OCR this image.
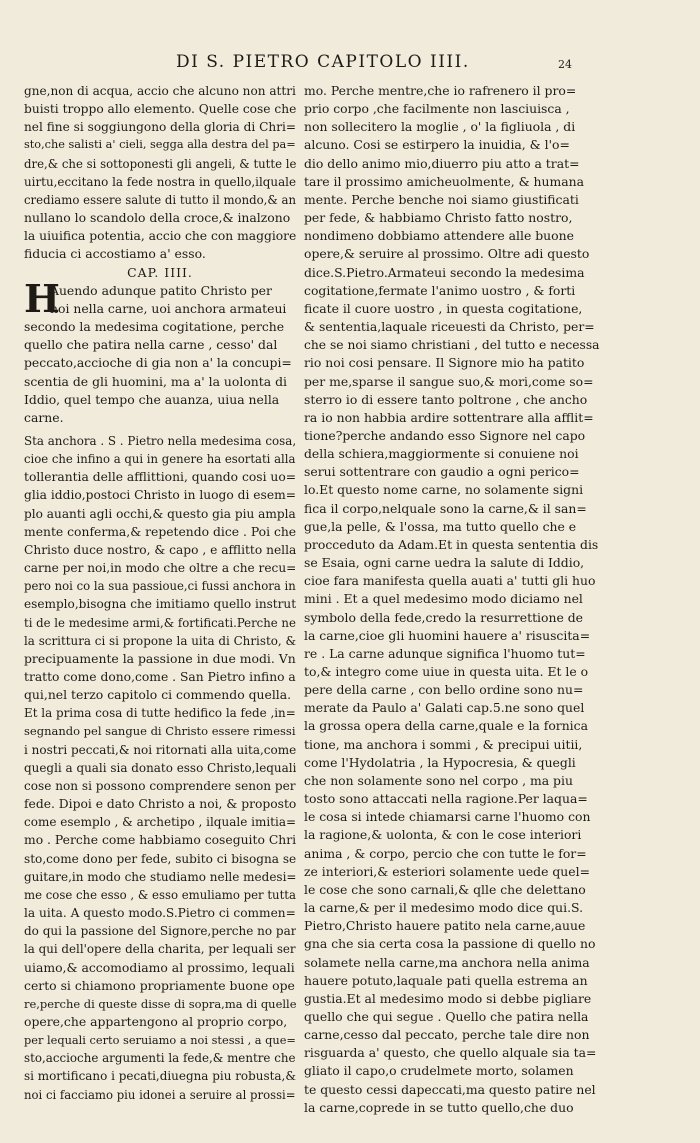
DI S. PIETRO CAPITOLO IIII.	24
gne,non di acqua, accio che alcuno non attri
buisti troppo allo elemento. Quelle cose che
nel fine si soggiungono della gloria di Chri=
sto,che salisti a' cieli, segga alla destra del pa=
dre,& che si sottoponesti gli angeli, & tutte le
uirtu,eccitano la fede nostra in quello,ilquale
crediamo essere salute di tutto il mondo,& an
nullano lo scandolo della croce,& inalzono
la uiuifica potentia, accio che con maggiore
fiducia ci accostiamo a' esso.
CAP. IIII.
H
Auendo adunque patito Christo per
noi nella carne, uoi anchora armateui
secondo la medesima cogitatione, perche
quello che patira nella carne , cesso' dal
peccato,accioche di gia non a' la concupi=
scentia de gli huomini, ma a' la uolonta di
Iddio, quel tempo che auanza, uiua nella
carne.
Sta anchora . S . Pietro nella medesima cosa,
cioe che infino a qui in genere ha esortati alla
tollerantia delle afflittioni, quando cosi uo=
glia iddio,postoci Christo in luogo di esem=
plo auanti agli occhi,& questo gia piu ampla
mente conferma,& repetendo dice . Poi che
Christo duce nostro, & capo , e afflitto nella
carne per noi,in modo che oltre a che recu=
pero noi co la sua passioue,ci fussi anchora in
esemplo,bisogna che imitiamo quello instrut
ti de le medesime armi,& fortificati.Perche ne
la scrittura ci si propone la uita di Christo, &
precipuamente la passione in due modi. Vn
tratto come dono,come . San Pietro infino a
qui,nel terzo capitolo ci commendo quella.
Et la prima cosa di tutte hedifico la fede ,in=
segnando pel sangue di Christo essere rimessi
i nostri peccati,& noi ritornati alla uita,come
quegli a quali sia donato esso Christo,lequali
cose non si possono comprendere senon per
fede. Dipoi e dato Christo a noi, & proposto
come esemplo , & archetipo , ilquale imitia=
mo . Perche come habbiamo coseguito Chri
sto,come dono per fede, subito ci bisogna se
guitare,in modo che studiamo nelle medesi=
me cose che esso , & esso emuliamo per tutta
la uita. A questo modo.S.Pietro ci commen=
do qui la passione del Signore,perche no par
la qui dell'opere della charita, per lequali ser
uiamo,& accomodiamo al prossimo, lequali
certo si chiamono propriamente buone ope
re,perche di queste disse di sopra,ma di quelle
opere,che appartengono al proprio corpo,
per lequali certo seruiamo a noi stessi , a que=
sto,accioche argumenti la fede,& mentre che
si mortificano i pecati,diuegna piu robusta,&
noi ci facciamo piu idonei a seruire al prossi=
mo. Perche mentre,che io rafrenero il pro=
prio corpo ,che facilmente non lasciuisca ,
non sollecitero la moglie , o' la figliuola , di
alcuno. Cosi se estirpero la inuidia, & l'o=
dio dello animo mio,diuerro piu atto a trat=
tare il prossimo amicheuolmente, & humana
mente. Perche benche noi siamo giustificati
per fede, & habbiamo Christo fatto nostro,
nondimeno dobbiamo attendere alle buone
opere,& seruire al prossimo. Oltre adi questo
dice.S.Pietro.Armateui secondo la medesima
cogitatione,fermate l'animo uostro , & forti
ficate il cuore uostro , in questa cogitatione,
& sententia,laquale riceuesti da Christo, per=
che se noi siamo christiani , del tutto e necessa
rio noi cosi pensare. Il Signore mio ha patito
per me,sparse il sangue suo,& mori,come so=
sterro io di essere tanto poltrone , che ancho
ra io non habbia ardire sottentrare alla afflit=
tione?perche andando esso Signore nel capo
della schiera,maggiormente si conuiene noi
serui sottentrare con gaudio a ogni perico=
lo.Et questo nome carne, no solamente signi
fica il corpo,nelquale sono la carne,& il san=
gue,la pelle, & l'ossa, ma tutto quello che e
procceduto da Adam.Et in questa sententia dis
se Esaia, ogni carne uedra la salute di Iddio,
cioe fara manifesta quella auati a' tutti gli huo
mini . Et a quel medesimo modo diciamo nel
symbolo della fede,credo la resurrettione de
la carne,cioe gli huomini hauere a' risuscita=
re . La carne adunque significa l'huomo tut=
to,& integro come uiue in questa uita. Et le o
pere della carne , con bello ordine sono nu=
merate da Paulo a' Galati cap.5.ne sono quel
la grossa opera della carne,quale e la fornica
tione, ma anchora i sommi , & precipui uitii,
come l'Hydolatria , la Hypocresia, & quegli
che non solamente sono nel corpo , ma piu
tosto sono attaccati nella ragione.Per laqua=
le cosa si intede chiamarsi carne l'huomo con
la ragione,& uolonta, & con le cose interiori
anima , & corpo, percio che con tutte le for=
ze interiori,& esteriori solamente uede quel=
le cose che sono carnali,& qlle che delettano
la carne,& per il medesimo modo dice qui.S.
Pietro,Christo hauere patito nela carne,auue
gna che sia certa cosa la passione di quello no
solamete nella carne,ma anchora nella anima
hauere potuto,laquale pati quella estrema an
gustia.Et al medesimo modo si debbe pigliare
quello che qui segue . Quello che patira nella
carne,cesso dal peccato, perche tale dire non
risguarda a' questo, che quello alquale sia ta=
gliato il capo,o crudelmete morto, solamen
te questo cessi dapeccati,ma questo patire nel
la carne,coprede in se tutto quello,che duo
